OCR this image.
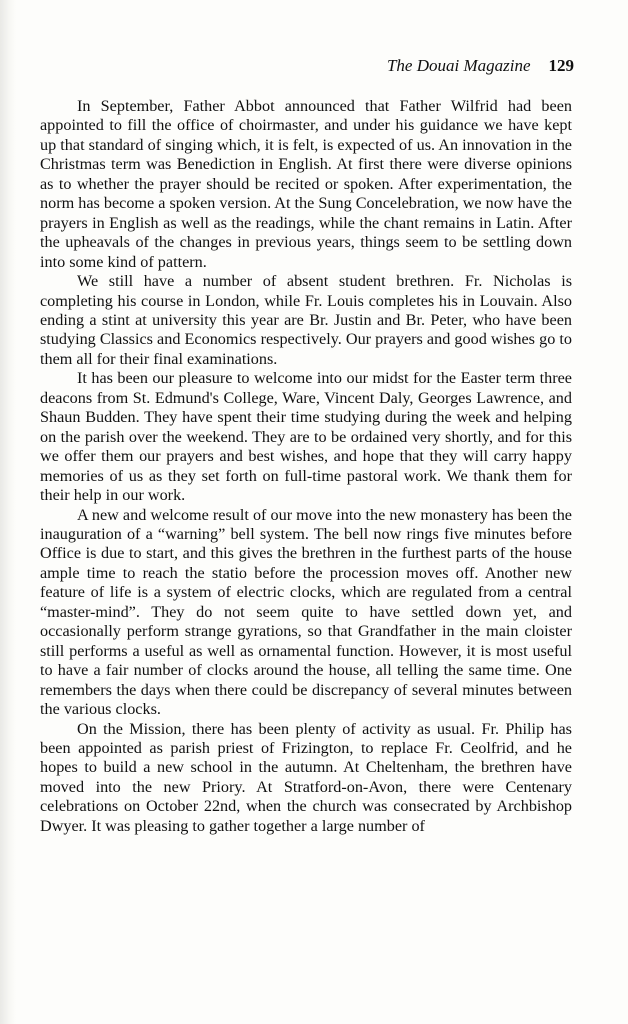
The Douai Magazine 129

In September, Father Abbot announced that Father Wilfrid had been appointed to fill the office of choirmaster, and under his guidance we have kept up that standard of singing which, it is felt, is expected of us. An innovation in the Christmas term was Benediction in English. At first there were diverse opinions as to whether the prayer should be recited or spoken. After experimentation, the norm has become a spoken version. At the Sung Concelebration, we now have the prayers in English as well as the readings, while the chant remains in Latin. After the upheavals of the changes in previous years, things seem to be settling down into some kind of pattern.

We still have a number of absent student brethren. Fr. Nicholas is completing his course in London, while Fr. Louis completes his in Louvain. Also ending a stint at university this year are Br. Justin and Br. Peter, who have been studying Classics and Economics respectively. Our prayers and good wishes go to them all for their final examinations.

It has been our pleasure to welcome into our midst for the Easter term three deacons from St. Edmund's College, Ware, Vincent Daly, Georges Lawrence, and Shaun Budden. They have spent their time studying during the week and helping on the parish over the weekend. They are to be ordained very shortly, and for this we offer them our prayers and best wishes, and hope that they will carry happy memories of us as they set forth on full-time pastoral work. We thank them for their help in our work.

A new and welcome result of our move into the new monastery has been the inauguration of a “warning” bell system. The bell now rings five minutes before Office is due to start, and this gives the brethren in the furthest parts of the house ample time to reach the statio before the procession moves off. Another new feature of life is a system of electric clocks, which are regulated from a central “master-mind”. They do not seem quite to have settled down yet, and occasionally perform strange gyrations, so that Grandfather in the main cloister still performs a useful as well as ornamental function. However, it is most useful to have a fair number of clocks around the house, all telling the same time. One remembers the days when there could be discrepancy of several minutes between the various clocks.

On the Mission, there has been plenty of activity as usual. Fr. Philip has been appointed as parish priest of Frizington, to replace Fr. Ceolfrid, and he hopes to build a new school in the autumn. At Cheltenham, the brethren have moved into the new Priory. At Stratford-on-Avon, there were Centenary celebrations on October 22nd, when the church was consecrated by Archbishop Dwyer. It was pleasing to gather together a large number of
